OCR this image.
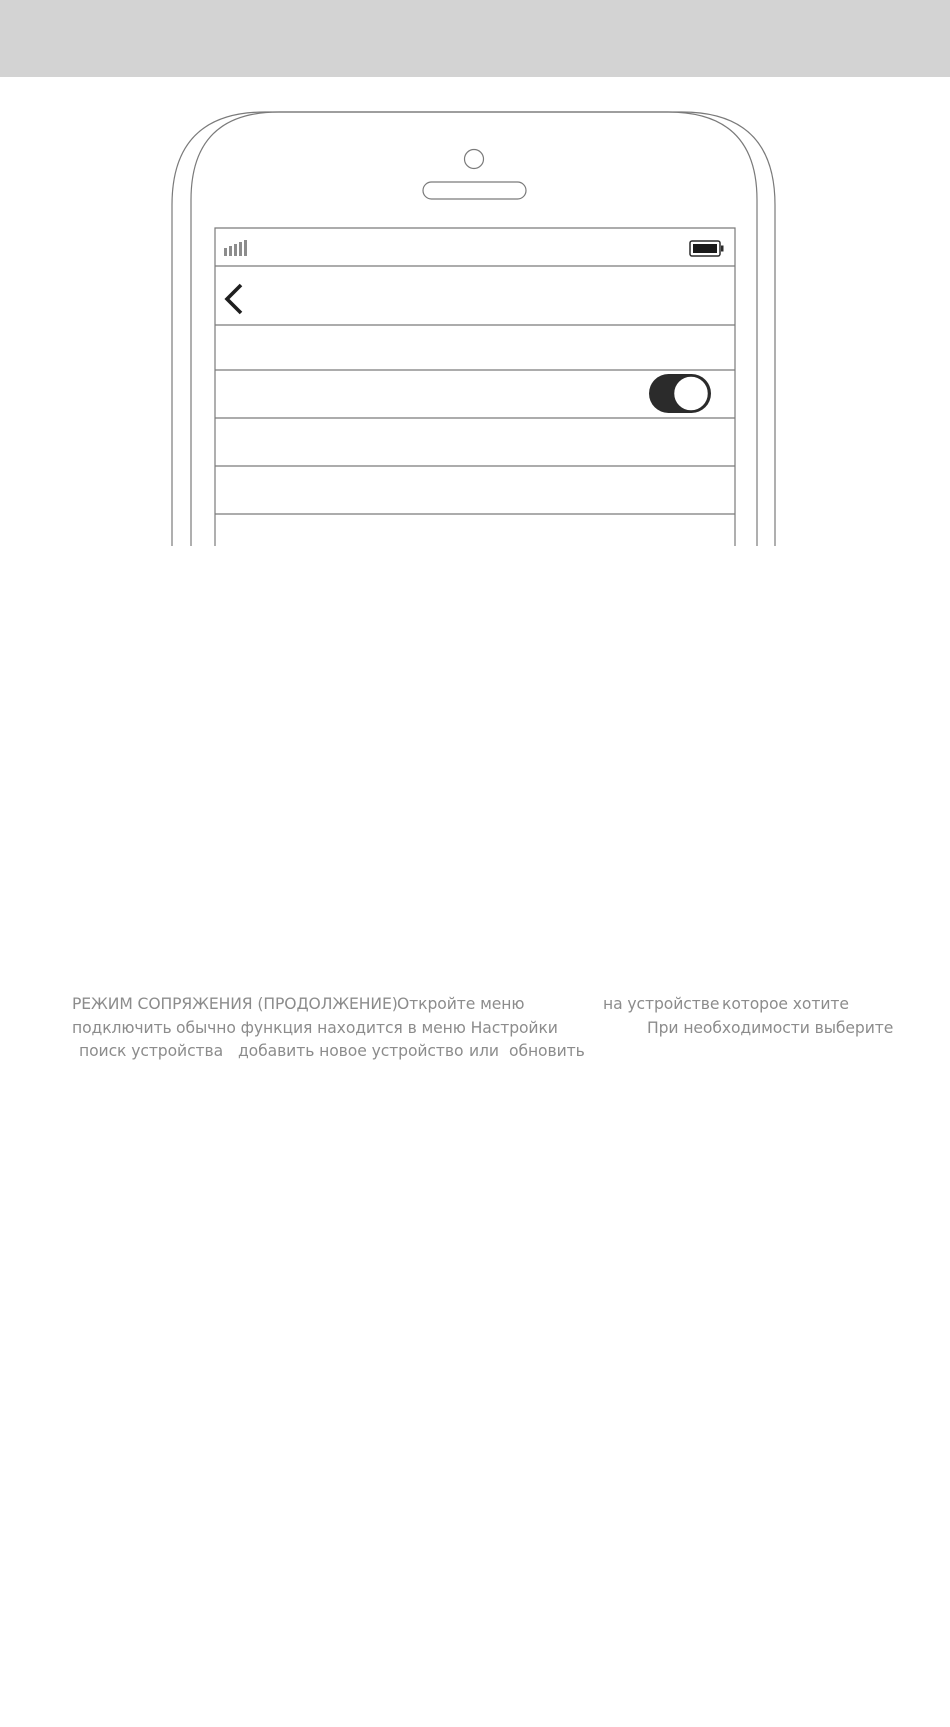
РЕЖИМ СОПРЯЖЕНИЯ (ПРОДОЛЖЕНИЕ) Откройте меню	на устройстве которое хотите
подключить обычно функция находится в меню Настройки	При необходимости выберите
поиск устройства добавить новое устройство или обновить
